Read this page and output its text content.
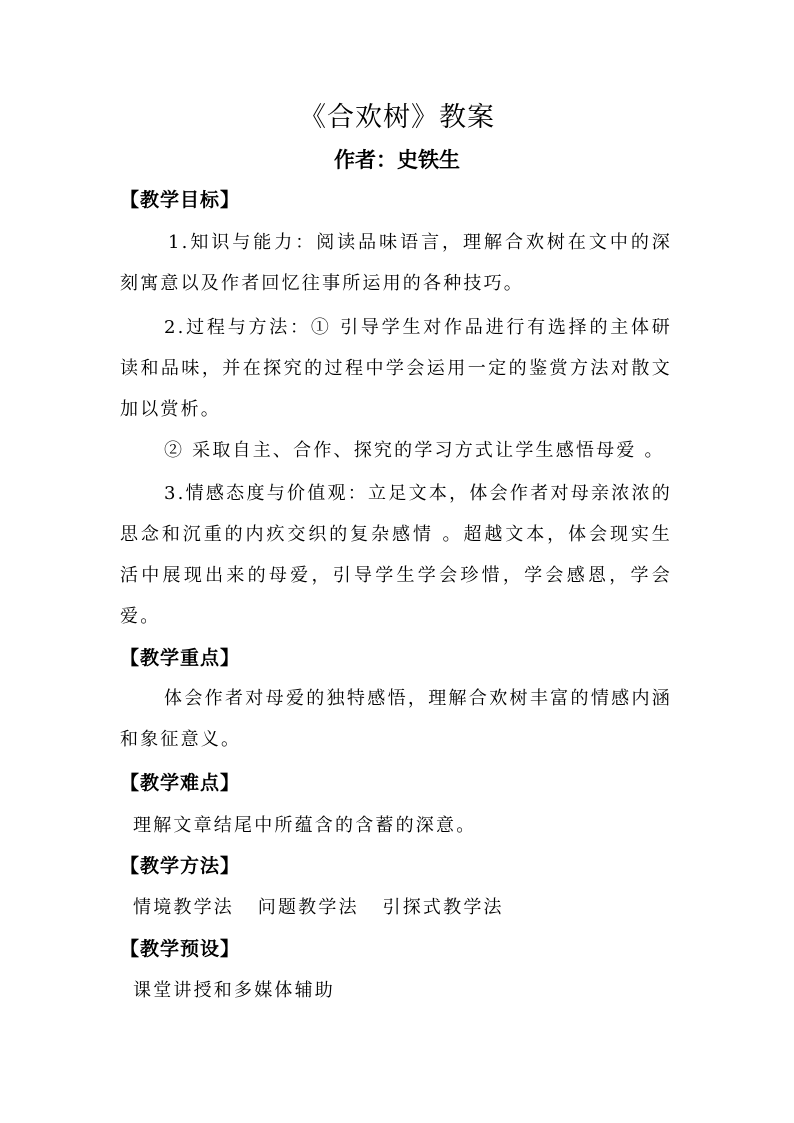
《合欢树》教案
作者：史铁生
【教学目标】
1.知识与能力：阅读品味语言，理解合欢树在文中的深刻寓意以及作者回忆往事所运用的各种技巧。
2.过程与方法：① 引导学生对作品进行有选择的主体研读和品味，并在探究的过程中学会运用一定的鉴赏方法对散文加以赏析。
② 采取自主、合作、探究的学习方式让学生感悟母爱 。
3.情感态度与价值观：立足文本，体会作者对母亲浓浓的思念和沉重的内疚交织的复杂感情 。超越文本，体会现实生活中展现出来的母爱，引导学生学会珍惜，学会感恩，学会爱。
【教学重点】
体会作者对母爱的独特感悟，理解合欢树丰富的情感内涵和象征意义。
【教学难点】
理解文章结尾中所蕴含的含蓄的深意。
【教学方法】
情境教学法   问题教学法   引探式教学法
【教学预设】
课堂讲授和多媒体辅助
